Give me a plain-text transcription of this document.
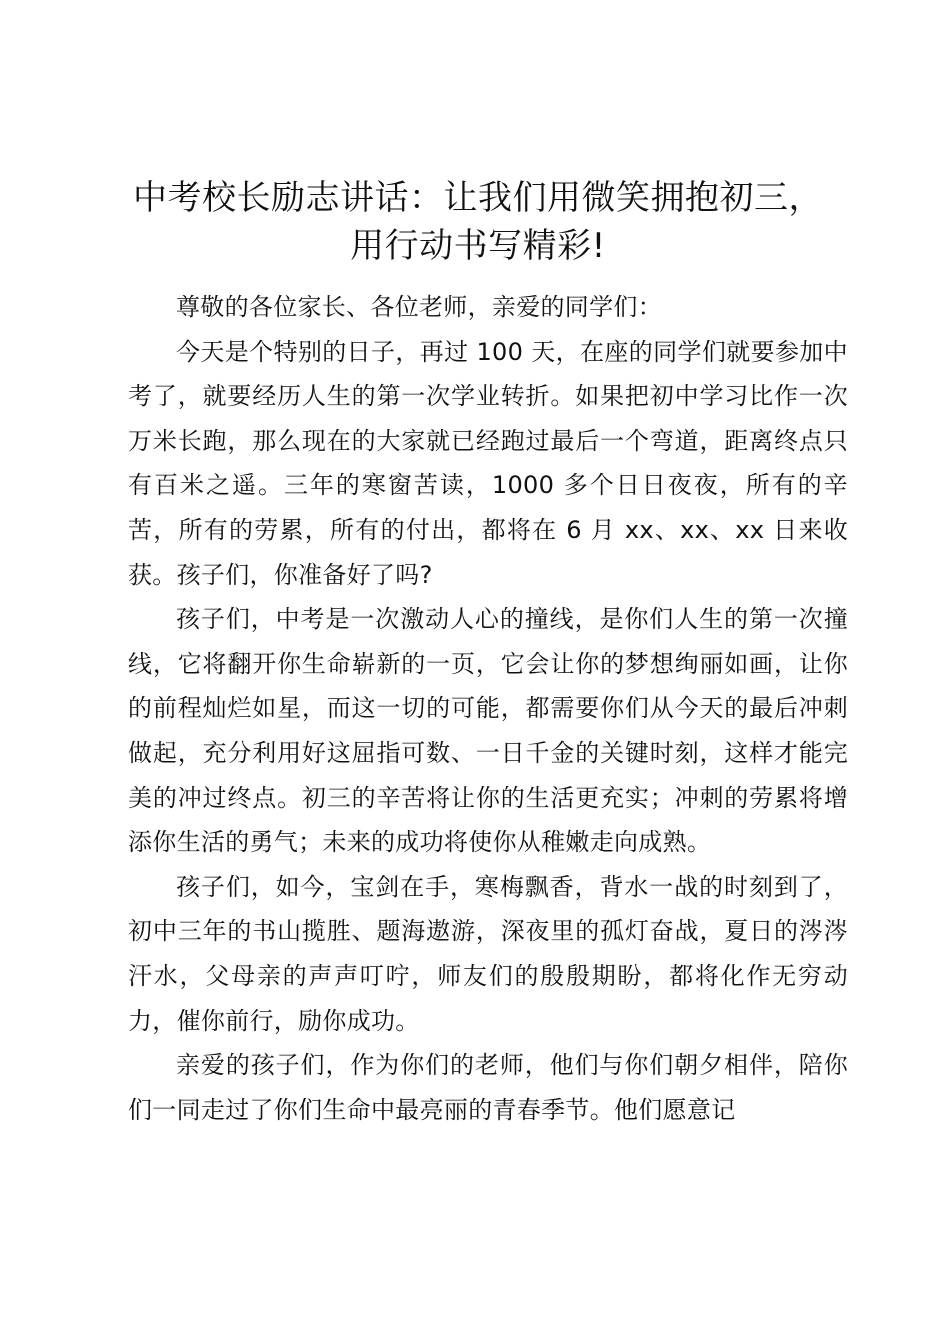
中考校长励志讲话：让我们用微笑拥抱初三，用行动书写精彩!

尊敬的各位家长、各位老师，亲爱的同学们：

今天是个特别的日子，再过 100 天，在座的同学们就要参加中考了，就要经历人生的第一次学业转折。如果把初中学习比作一次万米长跑，那么现在的大家就已经跑过最后一个弯道，距离终点只有百米之遥。三年的寒窗苦读，1000 多个日日夜夜，所有的辛苦，所有的劳累，所有的付出，都将在 6 月 xx、xx、xx 日来收获。孩子们，你准备好了吗?

孩子们，中考是一次激动人心的撞线，是你们人生的第一次撞线，它将翻开你生命崭新的一页，它会让你的梦想绚丽如画，让你的前程灿烂如星，而这一切的可能，都需要你们从今天的最后冲刺做起，充分利用好这屈指可数、一日千金的关键时刻，这样才能完美的冲过终点。初三的辛苦将让你的生活更充实；冲刺的劳累将增添你生活的勇气；未来的成功将使你从稚嫩走向成熟。

孩子们，如今，宝剑在手，寒梅飘香，背水一战的时刻到了，初中三年的书山揽胜、题海遨游，深夜里的孤灯奋战，夏日的涔涔汗水，父母亲的声声叮咛，师友们的殷殷期盼，都将化作无穷动力，催你前行，励你成功。

亲爱的孩子们，作为你们的老师，他们与你们朝夕相伴，陪你们一同走过了你们生命中最亮丽的青春季节。他们愿意记
